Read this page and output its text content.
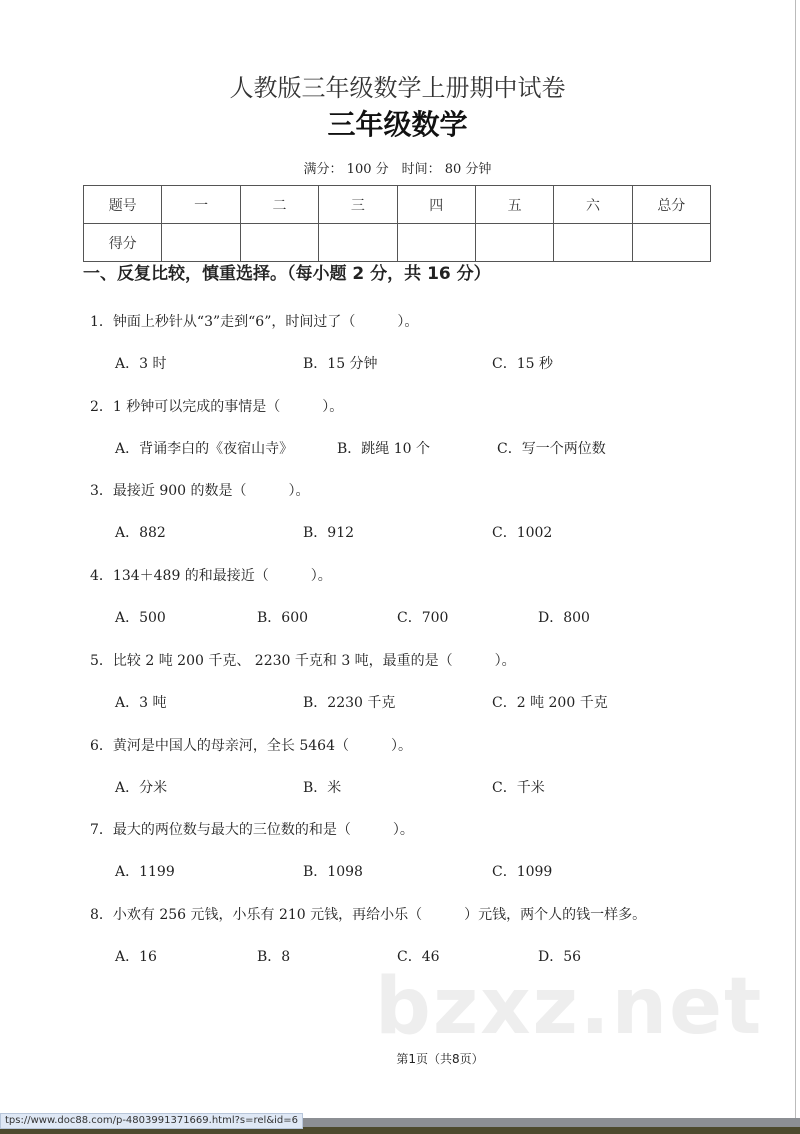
人教版三年级数学上册期中试卷
三年级数学
满分： 100 分　时间： 80 分钟
题号	一	二	三	四	五	六	总分
得分							
一、反复比较，慎重选择。（每小题 2 分，共 16 分）
1．钟面上秒针从“3”走到“6”，时间过了（　　　）。
A．3 时	B．15 分钟	C．15 秒
2．1 秒钟可以完成的事情是（　　　）。
A．背诵李白的《夜宿山寺》	B．跳绳 10 个	C．写一个两位数
3．最接近 900 的数是（　　　）。
A．882	B．912	C．1002
4．134＋489 的和最接近（　　　）。
A．500	B．600	C．700	D．800
5．比较 2 吨 200 千克、 2230 千克和 3 吨，最重的是（　　　）。
A．3 吨	B．2230 千克	C．2 吨 200 千克
6．黄河是中国人的母亲河，全长 5464（　　　）。
A．分米	B．米	C．千米
7．最大的两位数与最大的三位数的和是（　　　）。
A．1199	B．1098	C．1099
8．小欢有 256 元钱，小乐有 210 元钱，再给小乐（　　　）元钱，两个人的钱一样多。
A．16	B．8	C．46	D．56
bzxz.net
第1页（共8页）
tps://www.doc88.com/p-4803991371669.html?s=rel&id=6
